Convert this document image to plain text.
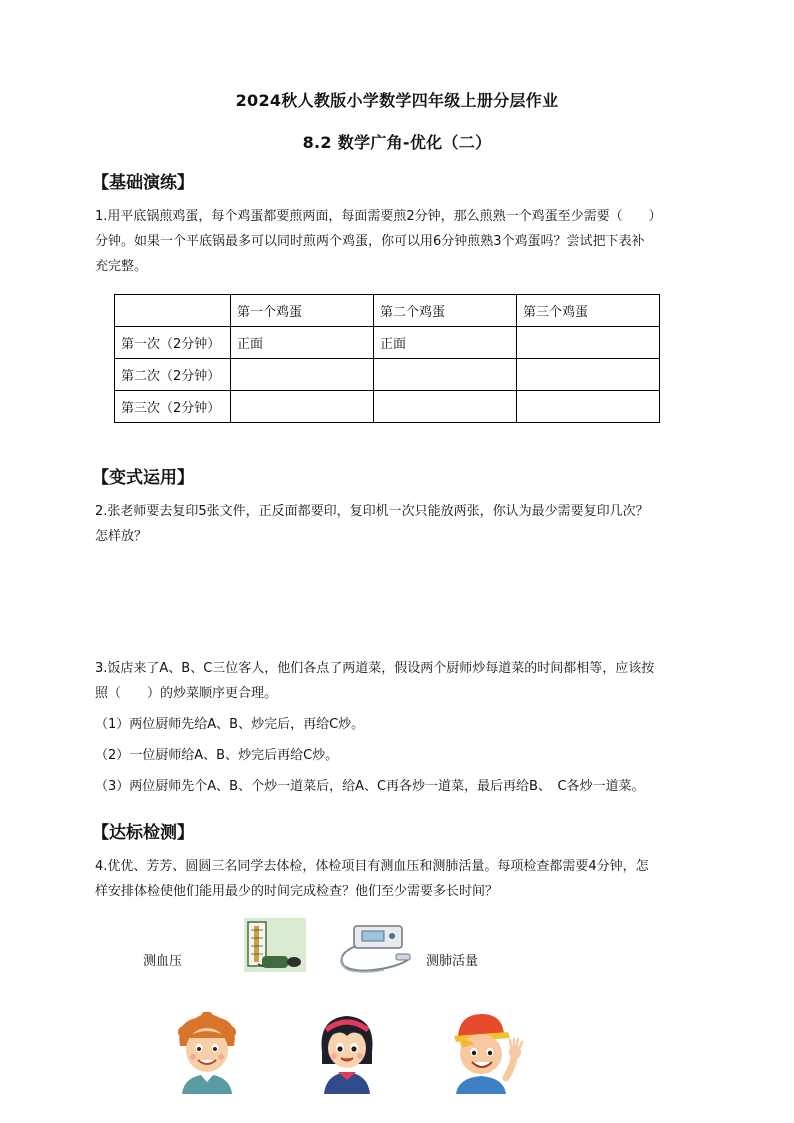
2024秋人教版小学数学四年级上册分层作业
8.2 数学广角-优化（二）
【基础演练】
1.用平底锅煎鸡蛋，每个鸡蛋都要煎两面，每面需要煎2分钟，那么煎熟一个鸡蛋至少需要（　　）
分钟。如果一个平底锅最多可以同时煎两个鸡蛋，你可以用6分钟煎熟3个鸡蛋吗？尝试把下表补
充完整。
	第一个鸡蛋	第二个鸡蛋	第三个鸡蛋
第一次（2分钟）	正面	正面	
第二次（2分钟）			
第三次（2分钟）			
【变式运用】
2.张老师要去复印5张文件，正反面都要印，复印机一次只能放两张，你认为最少需要复印几次？
怎样放？
3.饭店来了A、B、C三位客人，他们各点了两道菜，假设两个厨师炒每道菜的时间都相等，应该按
照（　　）的炒菜顺序更合理。
（1）两位厨师先给A、B、炒完后，再给C炒。
（2）一位厨师给A、B、炒完后再给C炒。
（3）两位厨师先个A、B、个炒一道菜后，给A、C再各炒一道菜，最后再给B、　C各炒一道菜。
【达标检测】
4.优优、芳芳、圆圆三名同学去体检，体检项目有测血压和测肺活量。每项检查都需要4分钟，怎
样安排体检使他们能用最少的时间完成检查？他们至少需要多长时间？
测血压	测肺活量
